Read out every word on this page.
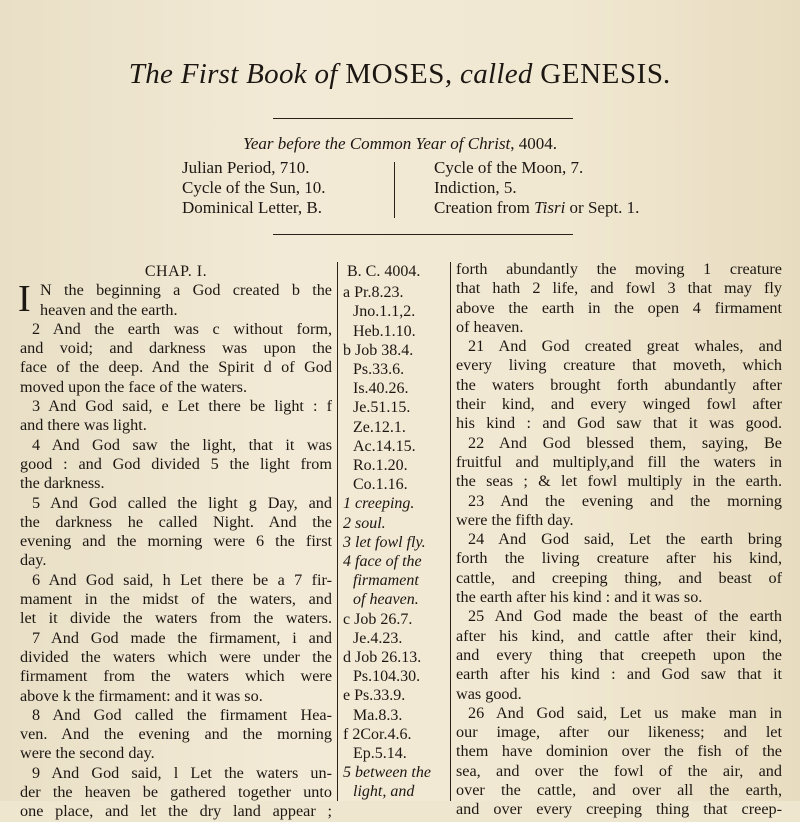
The First Book of MOSES, called GENESIS.
Year before the Common Year of Christ, 4004.
Julian Period, 710.
Cycle of the Sun, 10.
Dominical Letter, B.
Cycle of the Moon, 7.
Indiction, 5.
Creation from Tisri or Sept. 1.
CHAP. I.
I N the beginning a God created b the
heaven and the earth.
2 And the earth was c without form,
and void; and darkness was upon the
face of the deep. And the Spirit d of God
moved upon the face of the waters.
3 And God said, e Let there be light : f
and there was light.
4 And God saw the light, that it was
good : and God divided 5 the light from
the darkness.
5 And God called the light g Day, and
the darkness he called Night. And the
evening and the morning were 6 the first
day.
6 And God said, h Let there be a 7 fir-
mament in the midst of the waters, and
let it divide the waters from the waters.
7 And God made the firmament, i and
divided the waters which were under the
firmament from the waters which were
above k the firmament: and it was so.
8 And God called the firmament Hea-
ven. And the evening and the morning
were the second day.
9 And God said, l Let the waters un-
der the heaven be gathered together unto
one place, and let the dry land appear ;
B. C. 4004.
a Pr.8.23.
Jno.1.1,2.
Heb.1.10.
b Job 38.4.
Ps.33.6.
Is.40.26.
Je.51.15.
Ze.12.1.
Ac.14.15.
Ro.1.20.
Co.1.16.
1 creeping.
2 soul.
3 let fowl fly.
4 face of the
firmament
of heaven.
c Job 26.7.
Je.4.23.
d Job 26.13.
Ps.104.30.
e Ps.33.9.
Ma.8.3.
f 2Cor.4.6.
Ep.5.14.
5 between the
light, and
forth abundantly the moving 1 creature
that hath 2 life, and fowl 3 that may fly
above the earth in the open 4 firmament
of heaven.
21 And God created great whales, and
every living creature that moveth, which
the waters brought forth abundantly after
their kind, and every winged fowl after
his kind : and God saw that it was good.
22 And God blessed them, saying, Be
fruitful and multiply,and fill the waters in
the seas ; & let fowl multiply in the earth.
23 And the evening and the morning
were the fifth day.
24 And God said, Let the earth bring
forth the living creature after his kind,
cattle, and creeping thing, and beast of
the earth after his kind : and it was so.
25 And God made the beast of the earth
after his kind, and cattle after their kind,
and every thing that creepeth upon the
earth after his kind : and God saw that it
was good.
26 And God said, Let us make man in
our image, after our likeness; and let
them have dominion over the fish of the
sea, and over the fowl of the air, and
over the cattle, and over all the earth,
and over every creeping thing that creep-
